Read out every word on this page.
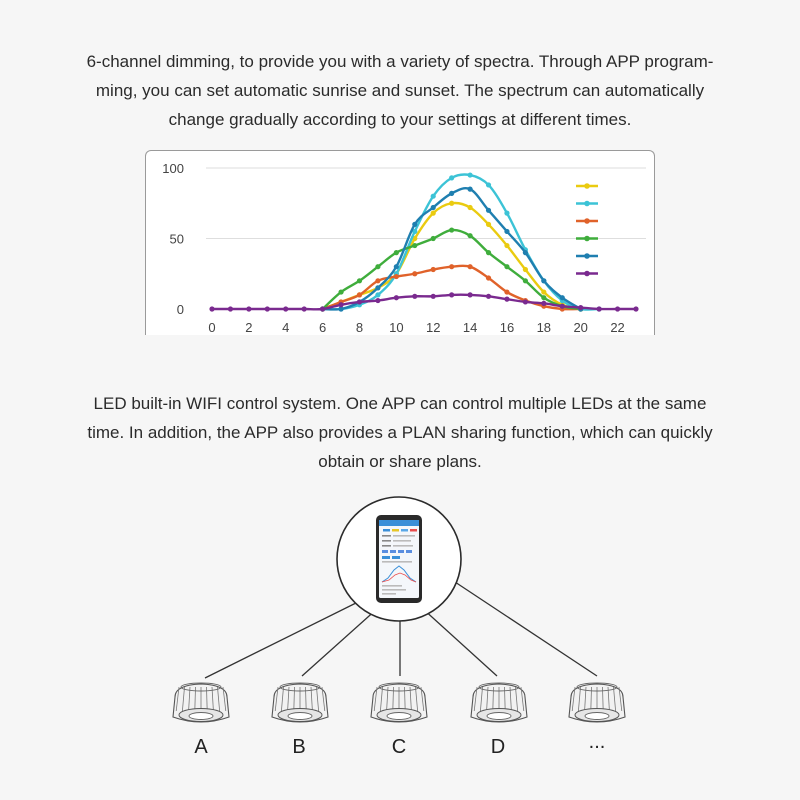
6-channel dimming, to provide you with a variety of spectra. Through APP program-
ming, you can set automatic sunrise and sunset. The spectrum can automatically
change gradually according to your settings at different times.

0
50
100
0 2 4 6 8 10 12 14 16 18 20 22

LED built-in WIFI control system. One APP can control multiple LEDs at the same
time. In addition, the APP also provides a PLAN sharing function, which can quickly
obtain or share plans.

A	B	C	D	...
